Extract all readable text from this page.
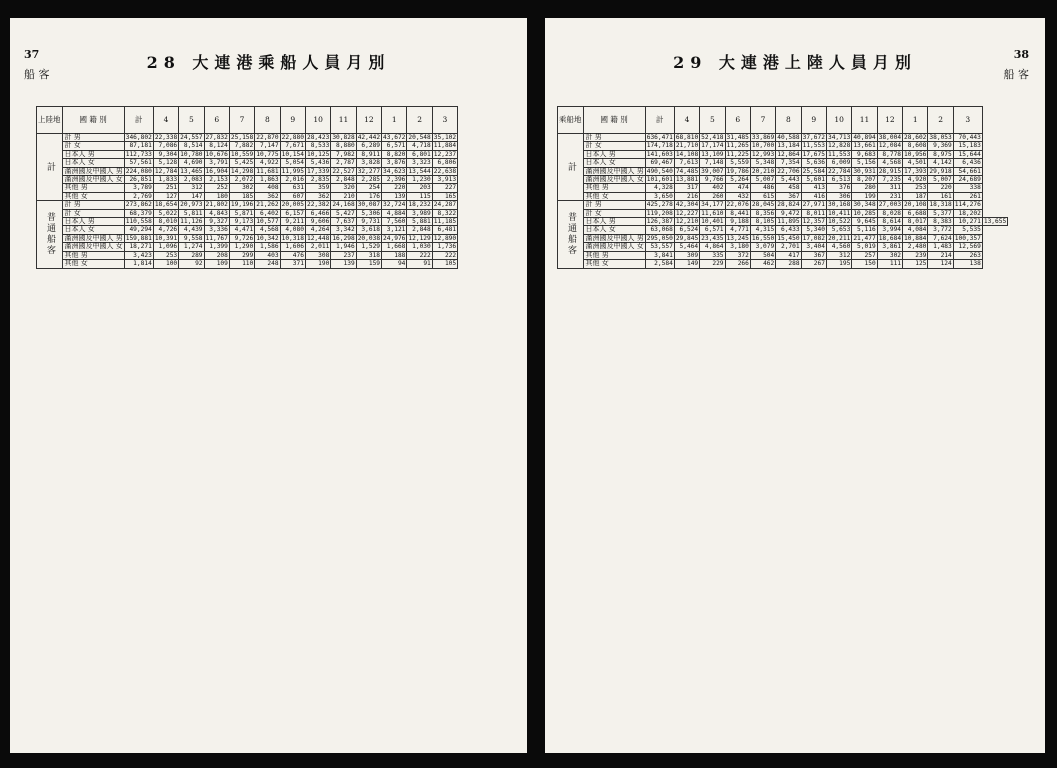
37
船 客
28 大連港乘船人員月別
上陸地	國 籍 別	計	4	5	6	7	8	9	10	11	12	1	2	3
計	計 男	346,802	22,338	24,557	27,832	25,158	22,870	22,880	28,423	30,828	42,442	43,672	20,548	35,102
	計 女	87,181	7,086	8,514	8,124	7,882	7,147	7,671	8,533	8,880	6,289	6,571	4,718	11,884
	日本人 男	112,733	9,304	10,780	10,676	10,559	10,775	10,154	10,125	7,982	8,911	8,820	6,801	12,237
	日本人 女	57,561	5,128	4,690	3,791	5,425	4,922	5,054	5,436	2,787	3,828	3,876	3,323	6,806
	滿洲國及中國人 男	224,080	12,784	13,465	16,904	14,298	11,681	11,995	17,339	22,527	32,277	34,623	13,544	22,638
	滿洲國及中國人 女	26,851	1,833	2,083	2,153	2,072	1,863	2,016	2,835	2,848	2,285	2,396	1,230	3,913
	其他 男	3,789	251	312	252	302	408	631	359	320	254	220	203	227
	其他 女	2,769	127	147	180	185	362	607	362	210	176	139	115	165
普通船客	計 男	273,862	18,654	20,973	21,802	19,196	21,262	20,005	22,382	24,168	30,087	32,724	18,232	24,287
	計 女	68,379	5,022	5,811	4,843	5,871	6,402	6,157	6,466	5,427	5,306	4,884	3,989	8,322
	日本人 男	110,558	8,010	11,126	9,327	9,173	10,577	9,211	9,606	7,637	9,731	7,560	5,881	11,185
	日本人 女	49,294	4,726	4,439	3,336	4,471	4,568	4,080	4,264	3,342	3,618	3,121	2,848	6,481
	滿洲國及中國人 男	159,881	10,391	9,558	11,767	9,726	10,342	10,318	12,448	16,298	20,038	24,976	12,129	12,890
	滿洲國及中國人 女	18,271	1,096	1,274	1,399	1,290	1,586	1,606	2,011	1,946	1,529	1,668	1,030	1,736
	其他 男	3,423	253	289	208	299	403	476	308	237	318	188	222	222
	其他 女	1,814	100	92	109	110	248	371	190	139	159	94	91	105
38
船 客
29 大連港上陸人員月別
乘船地	國 籍 別	計	4	5	6	7	8	9	10	11	12	1	2	3	
計	計 男	636,471	68,810	52,418	31,485	33,869	40,588	37,672	34,713	40,894	38,004	28,602	38,053	70,443	
	計 女	174,718	21,710	17,174	11,265	10,700	13,184	11,553	12,828	13,661	12,084	8,608	9,369	15,183	
	日本人 男	141,603	14,108	13,109	11,225	12,993	12,864	17,675	11,553	9,683	8,778	10,956	8,975	15,644	
	日本人 女	69,467	7,613	7,148	5,559	5,348	7,354	5,636	6,009	5,156	4,568	4,501	4,142	6,436	
	滿洲國及中國人 男	490,540	74,485	39,007	19,786	20,210	22,706	25,584	22,784	30,931	28,915	17,393	29,918	54,661	
	滿洲國及中國人 女	101,601	13,881	9,766	5,264	5,007	5,443	5,601	6,513	8,207	7,235	4,920	5,007	24,689	
	其他 男	4,328	317	402	474	486	458	413	376	280	311	253	220	338	
	其他 女	3,650	216	260	432	615	367	416	306	199	231	187	161	261	
普通船客	計 男	425,278	42,304	34,177	22,076	28,045	28,824	27,971	30,168	30,348	27,003	20,108	18,318	114,276	
	計 女	119,208	12,227	11,610	8,441	8,356	9,472	8,011	10,411	10,285	8,028	6,688	5,377	18,202	
	日本人 男	126,387	12,210	10,401	9,188	8,105	11,895	12,357	10,522	9,645	8,614	8,017	8,383	10,271	13,655
	日本人 女	63,068	6,524	6,571	4,771	4,315	6,433	5,340	5,653	5,116	3,994	4,084	3,772	5,535	
	滿洲國及中國人 男	295,050	29,845	23,435	13,245	16,550	15,450	17,082	20,211	21,477	18,684	10,884	7,624	100,357	
	滿洲國及中國人 女	53,557	5,464	4,864	3,180	3,079	2,701	3,404	4,560	5,019	3,861	2,480	1,483	12,569	
	其他 男	3,841	309	335	372	504	417	367	312	257	302	239	214	263	
	其他 女	2,584	149	229	266	462	288	267	195	150	111	125	124	138	
